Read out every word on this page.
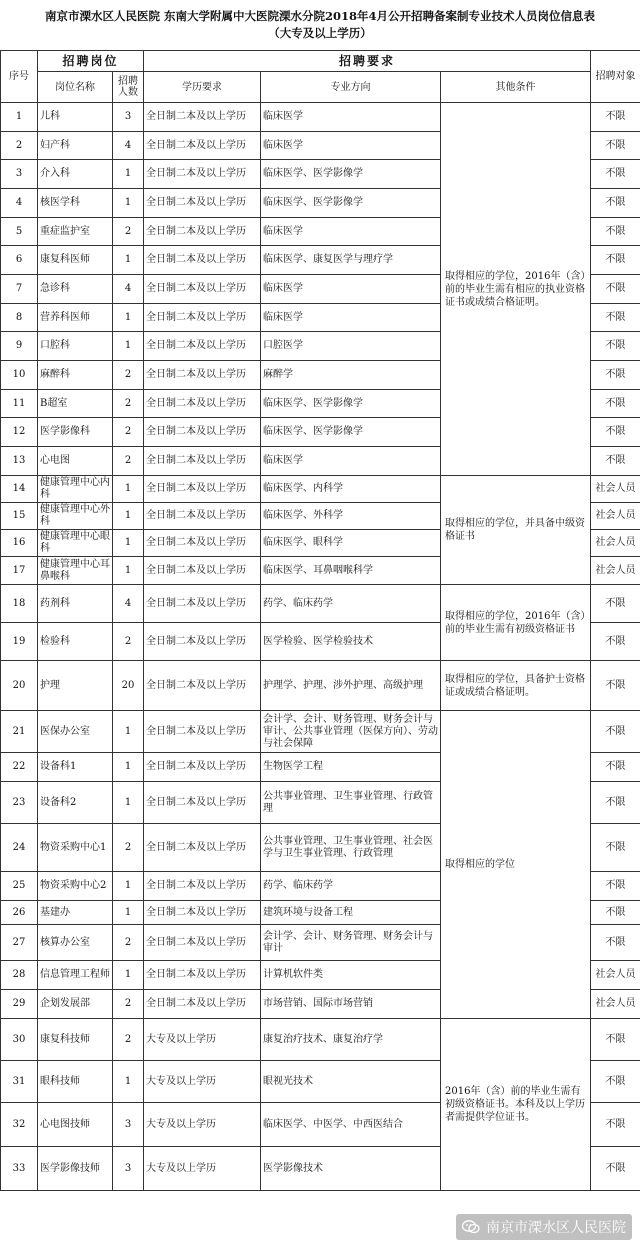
南京市溧水区人民医院 东南大学附属中大医院溧水分院2018年4月公开招聘备案制专业技术人员岗位信息表
（大专及以上学历）
序号	招聘岗位		招聘要求			招聘对象
	岗位名称	招聘人数	学历要求	专业方向	其他条件	
1	儿科	3	全日制二本及以上学历	临床医学	取得相应的学位，2016年（含）前的毕业生需有相应的执业资格证书或成绩合格证明。	不限
2	妇产科	4	全日制二本及以上学历	临床医学		不限
3	介入科	1	全日制二本及以上学历	临床医学、医学影像学		不限
4	核医学科	1	全日制二本及以上学历	临床医学、医学影像学		不限
5	重症监护室	2	全日制二本及以上学历	临床医学		不限
6	康复科医师	1	全日制二本及以上学历	临床医学、康复医学与理疗学		不限
7	急诊科	4	全日制二本及以上学历	临床医学		不限
8	营养科医师	1	全日制二本及以上学历	临床医学		不限
9	口腔科	1	全日制二本及以上学历	口腔医学		不限
10	麻醉科	2	全日制二本及以上学历	麻醉学		不限
11	B超室	2	全日制二本及以上学历	临床医学、医学影像学		不限
12	医学影像科	2	全日制二本及以上学历	临床医学、医学影像学		不限
13	心电图	2	全日制二本及以上学历	临床医学		不限
14	健康管理中心内科	1	全日制二本及以上学历	临床医学、内科学	取得相应的学位，并具备中级资格证书	社会人员
15	健康管理中心外科	1	全日制二本及以上学历	临床医学、外科学		社会人员
16	健康管理中心眼科	1	全日制二本及以上学历	临床医学、眼科学		社会人员
17	健康管理中心耳鼻喉科	1	全日制二本及以上学历	临床医学、耳鼻咽喉科学		社会人员
18	药剂科	4	全日制二本及以上学历	药学、临床药学	取得相应的学位，2016年（含）前的毕业生需有初级资格证书	不限
19	检验科	2	全日制二本及以上学历	医学检验、医学检验技术		不限
20	护理	20	全日制二本及以上学历	护理学、护理、涉外护理、高级护理	取得相应的学位，具备护士资格证或成绩合格证明。	不限
21	医保办公室	1	全日制二本及以上学历	会计学、会计、财务管理、财务会计与审计、公共事业管理（医保方向）、劳动与社会保障	取得相应的学位	不限
22	设备科1	1	全日制二本及以上学历	生物医学工程		不限
23	设备科2	1	全日制二本及以上学历	公共事业管理、卫生事业管理、行政管理		不限
24	物资采购中心1	2	全日制二本及以上学历	公共事业管理、卫生事业管理、社会医学与卫生事业管理、行政管理		不限
25	物资采购中心2	1	全日制二本及以上学历	药学、临床药学		不限
26	基建办	1	全日制二本及以上学历	建筑环境与设备工程		不限
27	核算办公室	2	全日制二本及以上学历	会计学、会计、财务管理、财务会计与审计		不限
28	信息管理工程师	1	全日制二本及以上学历	计算机软件类		社会人员
29	企划发展部	2	全日制二本及以上学历	市场营销、国际市场营销		社会人员
30	康复科技师	2	大专及以上学历	康复治疗技术、康复治疗学	2016年（含）前的毕业生需有初级资格证书。本科及以上学历者需提供学位证书。	不限
31	眼科技师	1	大专及以上学历	眼视光技术		不限
32	心电图技师	3	大专及以上学历	临床医学、中医学、中西医结合		不限
33	医学影像技师	3	大专及以上学历	医学影像技术		不限
南京市溧水区人民医院
